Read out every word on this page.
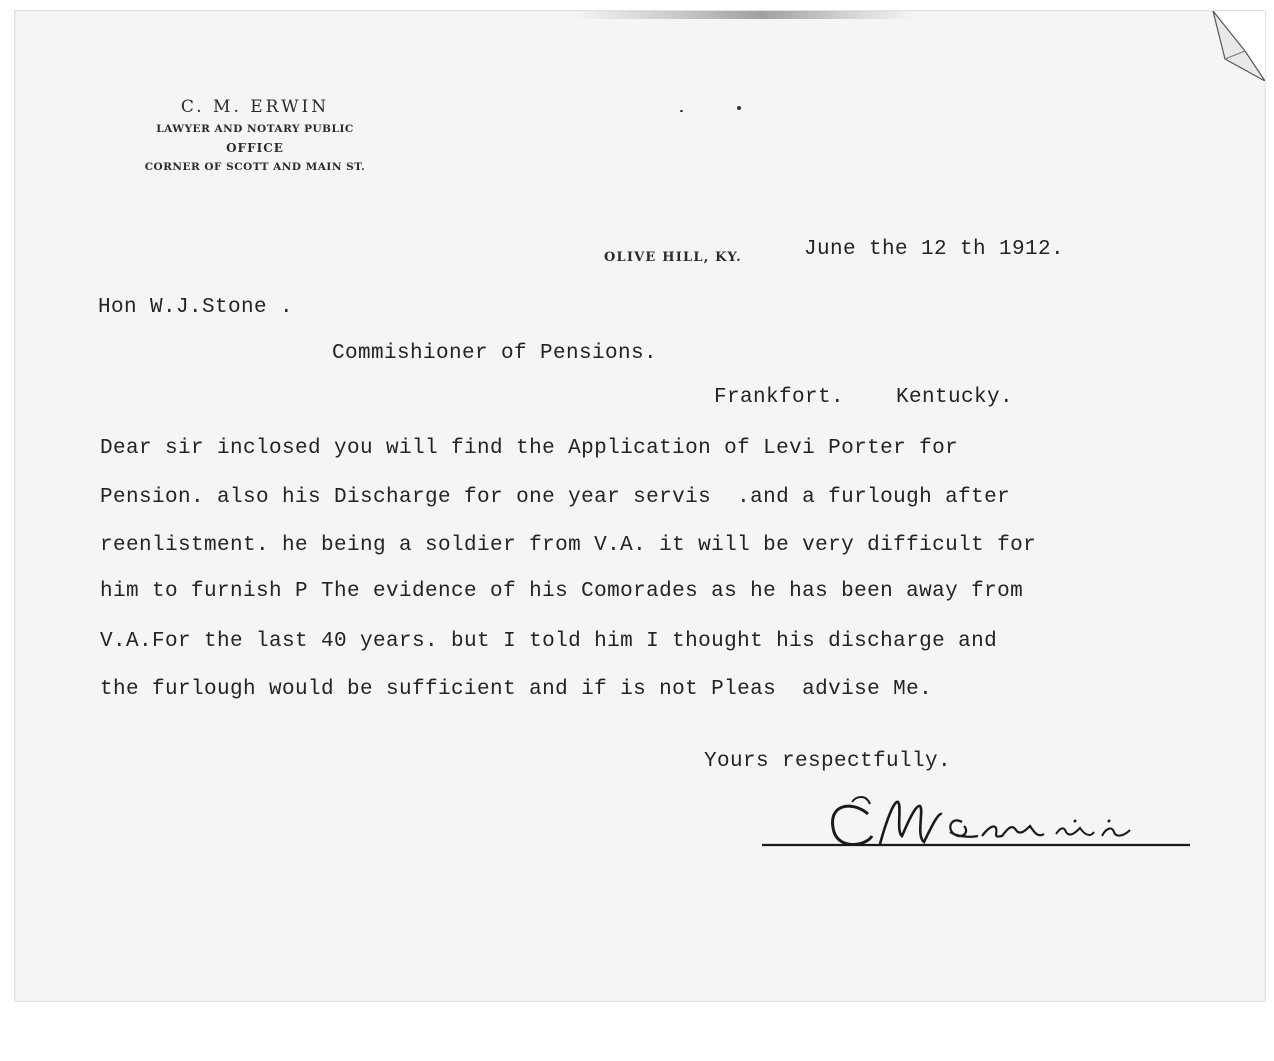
C. M. ERWIN
LAWYER AND NOTARY PUBLIC
OFFICE
CORNER OF SCOTT AND MAIN ST.
OLIVE HILL, KY.	June the 12 th 1912.
Hon W.J.Stone .
Commishioner of Pensions.
Frankfort.    Kentucky.
Dear sir inclosed you will find the Application of Levi Porter for
Pension. also his Discharge for one year servis  .and a furlough after
reenlistment. he being a soldier from V.A. it will be very difficult for
him to furnish P The evidence of his Comorades as he has been away from
V.A.For the last 40 years. but I told him I thought his discharge and
the furlough would be sufficient and if is not Pleas  advise Me.
Yours respectfully.
